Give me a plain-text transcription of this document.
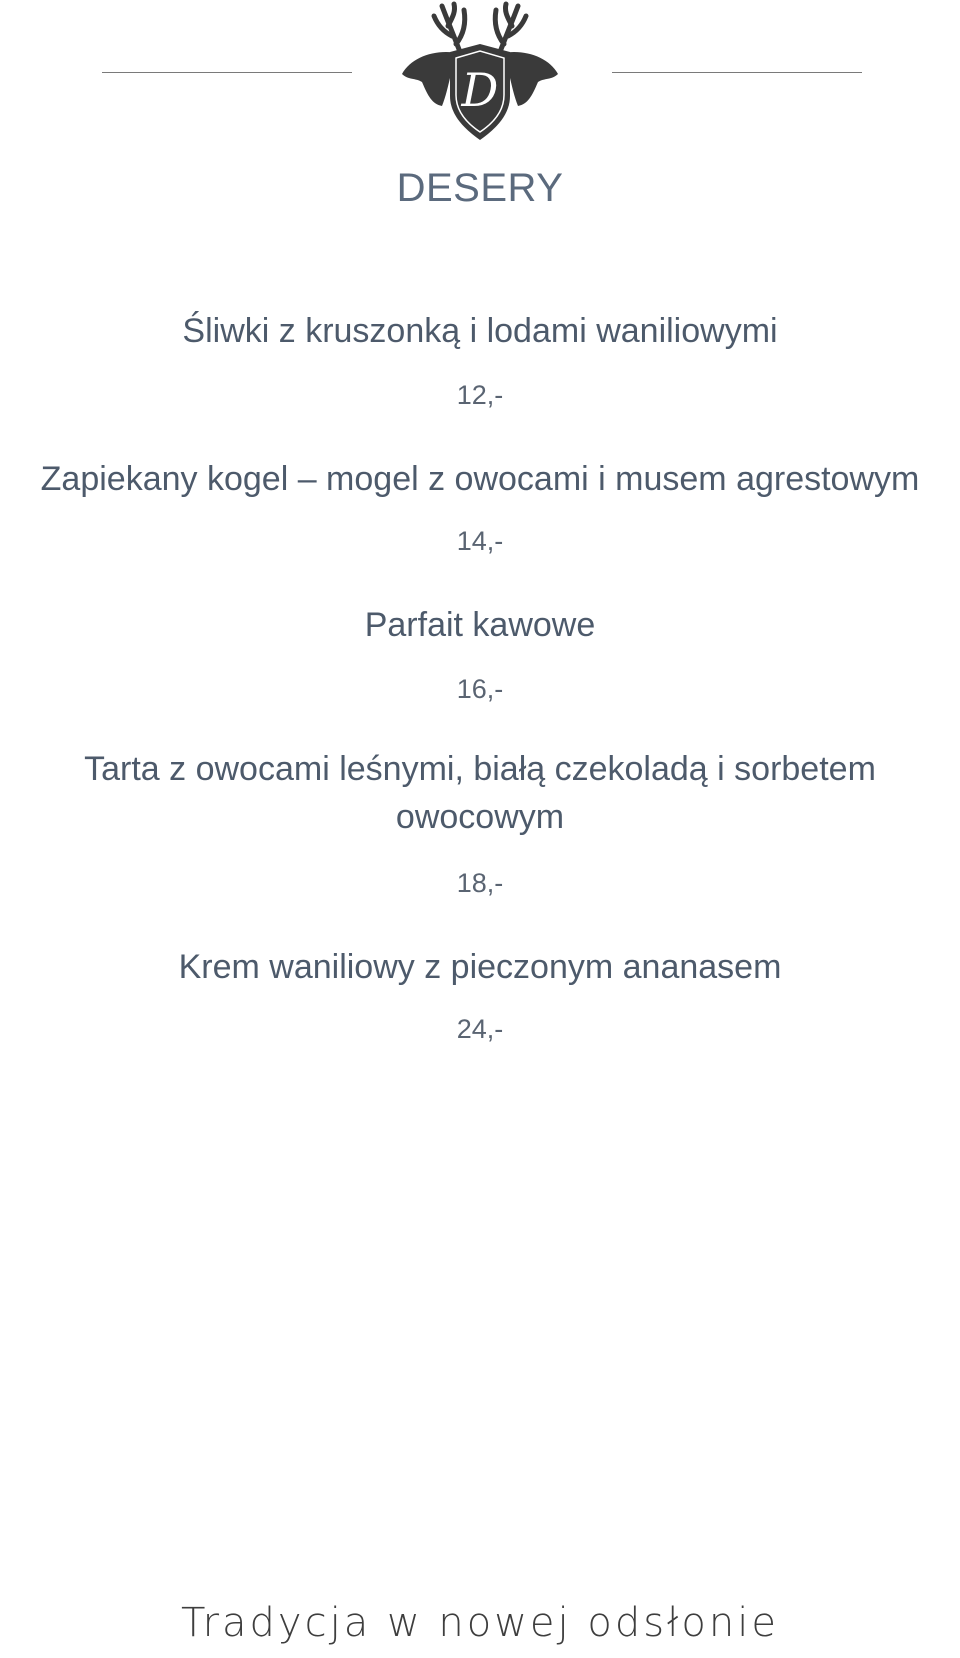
D
DESERY
Śliwki z kruszonką i lodami waniliowymi
12,-
Zapiekany kogel – mogel z owocami i musem agrestowym
14,-
Parfait kawowe
16,-
Tarta z owocami leśnymi, białą czekoladą i sorbetem
owocowym
18,-
Krem waniliowy z pieczonym ananasem
24,-
Tradycja w nowej odsłonie
